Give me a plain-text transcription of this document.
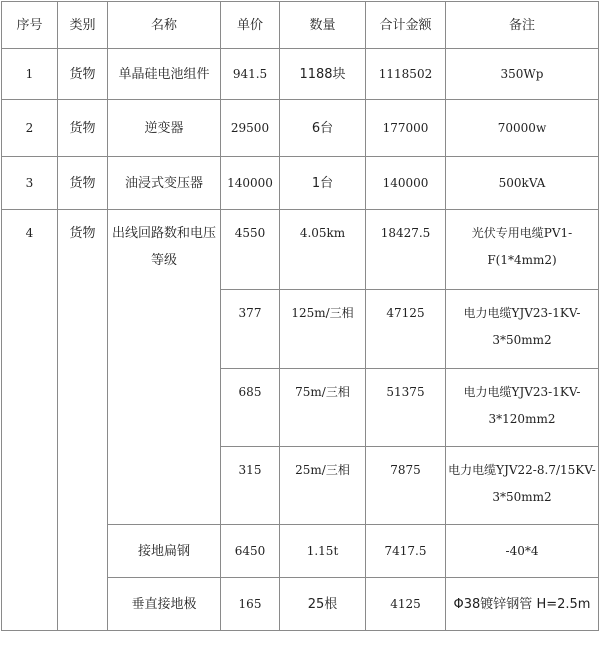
序号	类别	名称	单价	数量	合计金额	备注
1	货物	单晶硅电池组件	941.5	1188块	1118502	350Wp
2	货物	逆变器	29500	6台	177000	70000w
3	货物	油浸式变压器	140000	1台	140000	500kVA
4	货物	出线回路数和电压等级	4550	4.05km	18427.5	光伏专用电缆PV1-F(1*4mm2)
			377	125m/三相	47125	电力电缆YJV23-1KV-3*50mm2
			685	75m/三相	51375	电力电缆YJV23-1KV-3*120mm2
			315	25m/三相	7875	电力电缆YJV22-8.7/15KV-3*50mm2
		接地扁钢	6450	1.15t	7417.5	-40*4
		垂直接地极	165	25根	4125	Φ38镀锌钢管 H=2.5m
